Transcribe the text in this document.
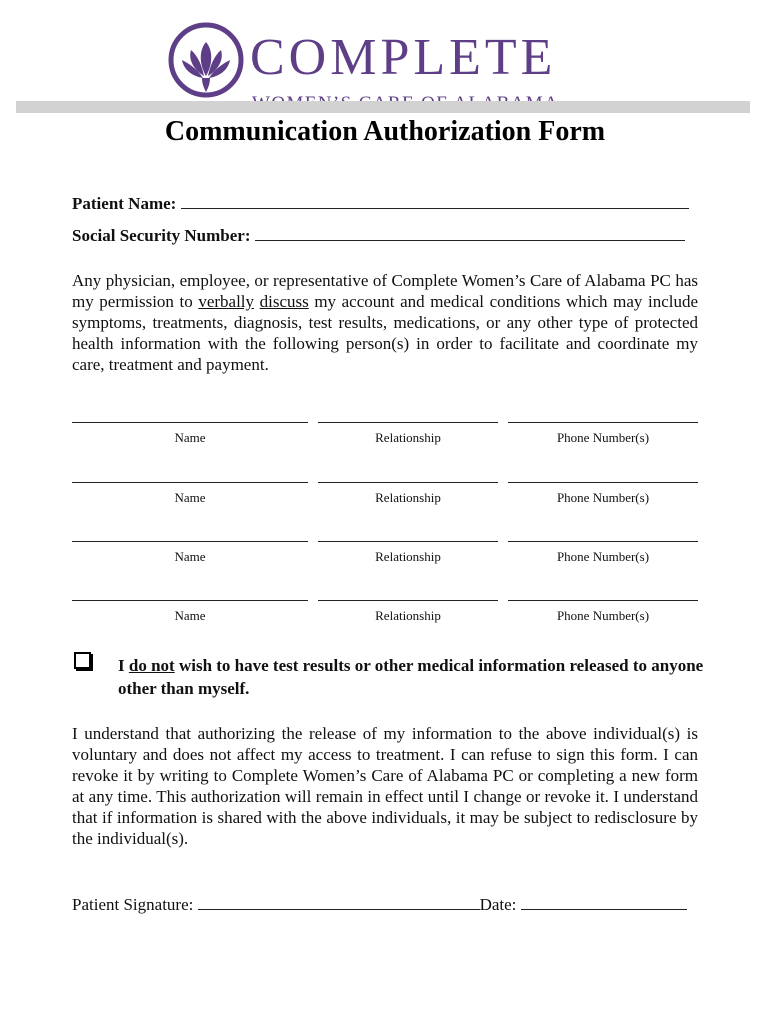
COMPLETE
Communication Authorization Form
Patient Name:
Social Security Number:

Any physician, employee, or representative of Complete Women’s Care of Alabama PC has my permission to verbally discuss my account and medical conditions which may include symptoms, treatments, diagnosis, test results, medications, or any other type of protected health information with the following person(s) in order to facilitate and coordinate my care, treatment and payment.

Name	Relationship	Phone Number(s)
Name	Relationship	Phone Number(s)
Name	Relationship	Phone Number(s)
Name	Relationship	Phone Number(s)

I do not wish to have test results or other medical information released to anyone other than myself.

I understand that authorizing the release of my information to the above individual(s) is voluntary and does not affect my access to treatment. I can refuse to sign this form. I can revoke it by writing to Complete Women’s Care of Alabama PC or completing a new form at any time. This authorization will remain in effect until I change or revoke it. I understand that if information is shared with the above individuals, it may be subject to redisclosure by the individual(s).

Patient Signature:	Date:
